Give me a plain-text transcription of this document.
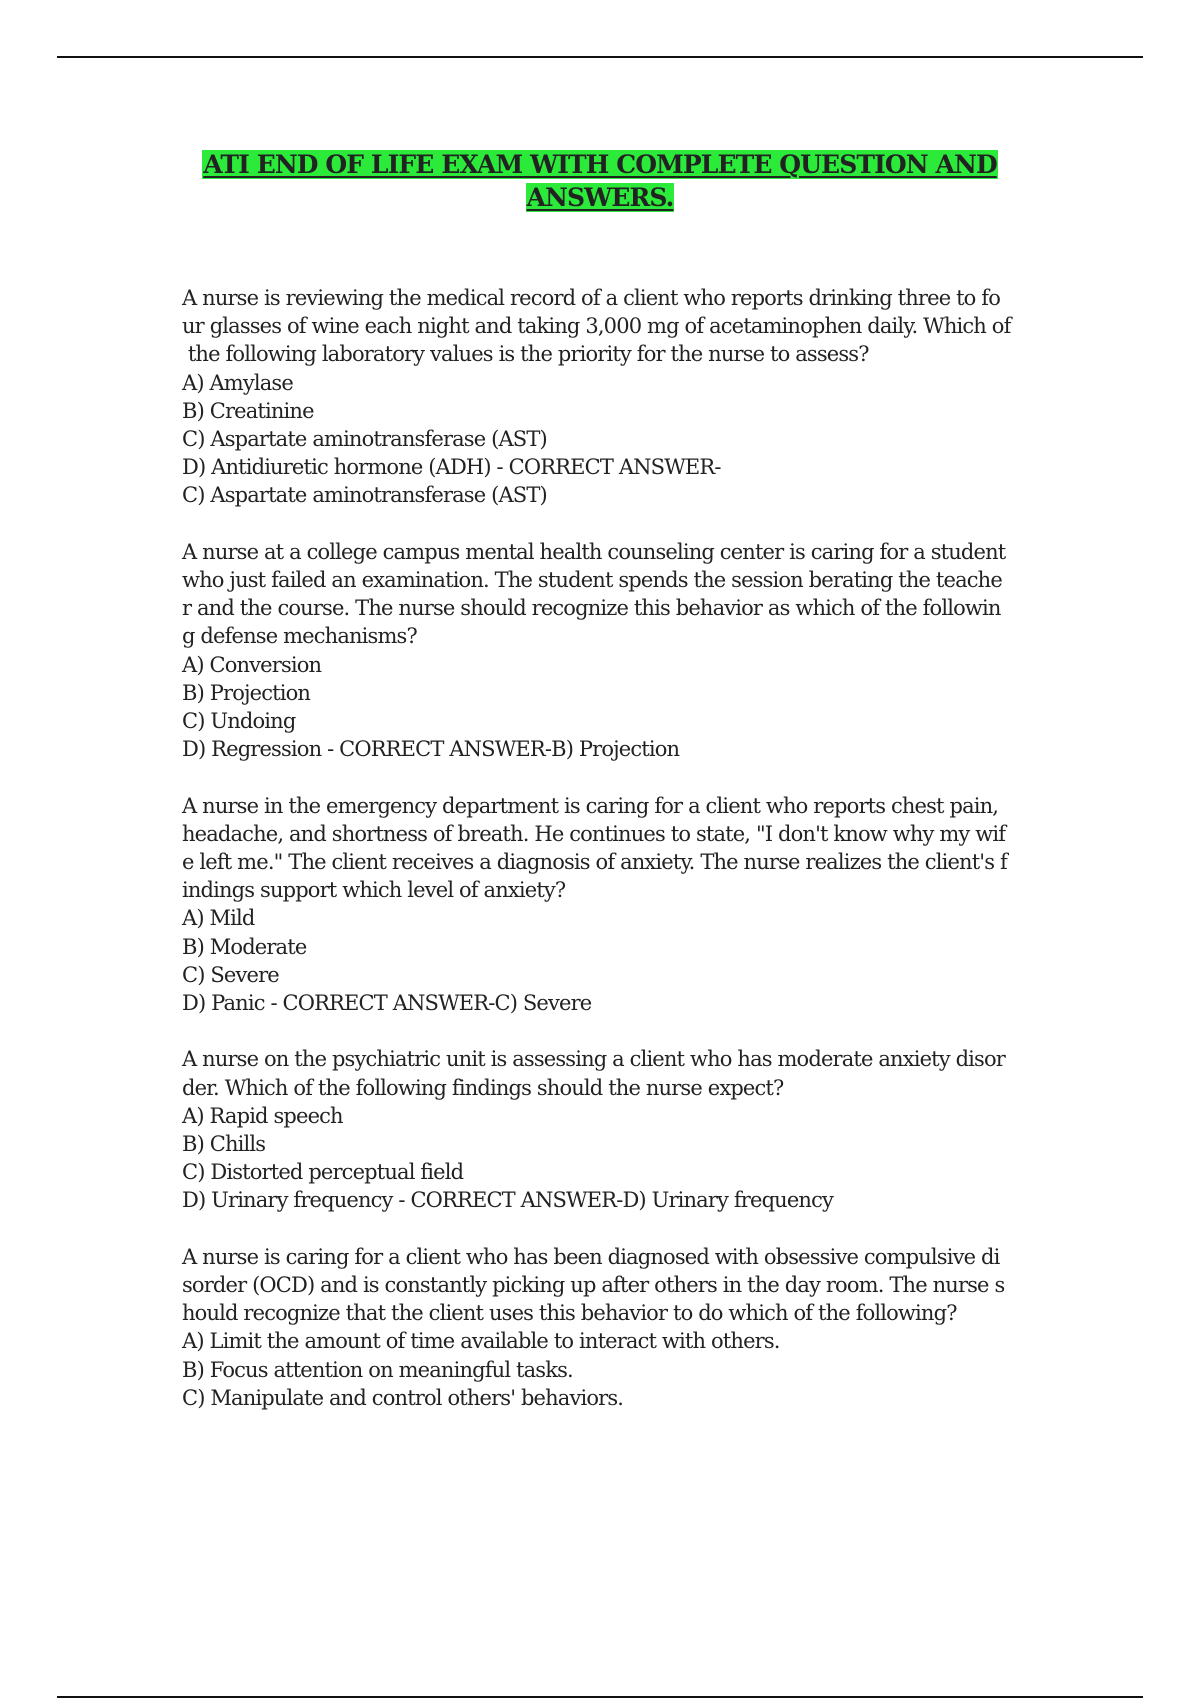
ATI END OF LIFE EXAM WITH COMPLETE QUESTION AND
ANSWERS.
A nurse is reviewing the medical record of a client who reports drinking three to fo
ur glasses of wine each night and taking 3,000 mg of acetaminophen daily. Which of
the following laboratory values is the priority for the nurse to assess?
A) Amylase
B) Creatinine
C) Aspartate aminotransferase (AST)
D) Antidiuretic hormone (ADH) - CORRECT ANSWER-
C) Aspartate aminotransferase (AST)
A nurse at a college campus mental health counseling center is caring for a student
who just failed an examination. The student spends the session berating the teache
r and the course. The nurse should recognize this behavior as which of the followin
g defense mechanisms?
A) Conversion
B) Projection
C) Undoing
D) Regression - CORRECT ANSWER-B) Projection
A nurse in the emergency department is caring for a client who reports chest pain,
headache, and shortness of breath. He continues to state, "I don't know why my wif
e left me." The client receives a diagnosis of anxiety. The nurse realizes the client's f
indings support which level of anxiety?
A) Mild
B) Moderate
C) Severe
D) Panic - CORRECT ANSWER-C) Severe
A nurse on the psychiatric unit is assessing a client who has moderate anxiety disor
der. Which of the following findings should the nurse expect?
A) Rapid speech
B) Chills
C) Distorted perceptual field
D) Urinary frequency - CORRECT ANSWER-D) Urinary frequency
A nurse is caring for a client who has been diagnosed with obsessive compulsive di
sorder (OCD) and is constantly picking up after others in the day room. The nurse s
hould recognize that the client uses this behavior to do which of the following?
A) Limit the amount of time available to interact with others.
B) Focus attention on meaningful tasks.
C) Manipulate and control others' behaviors.
